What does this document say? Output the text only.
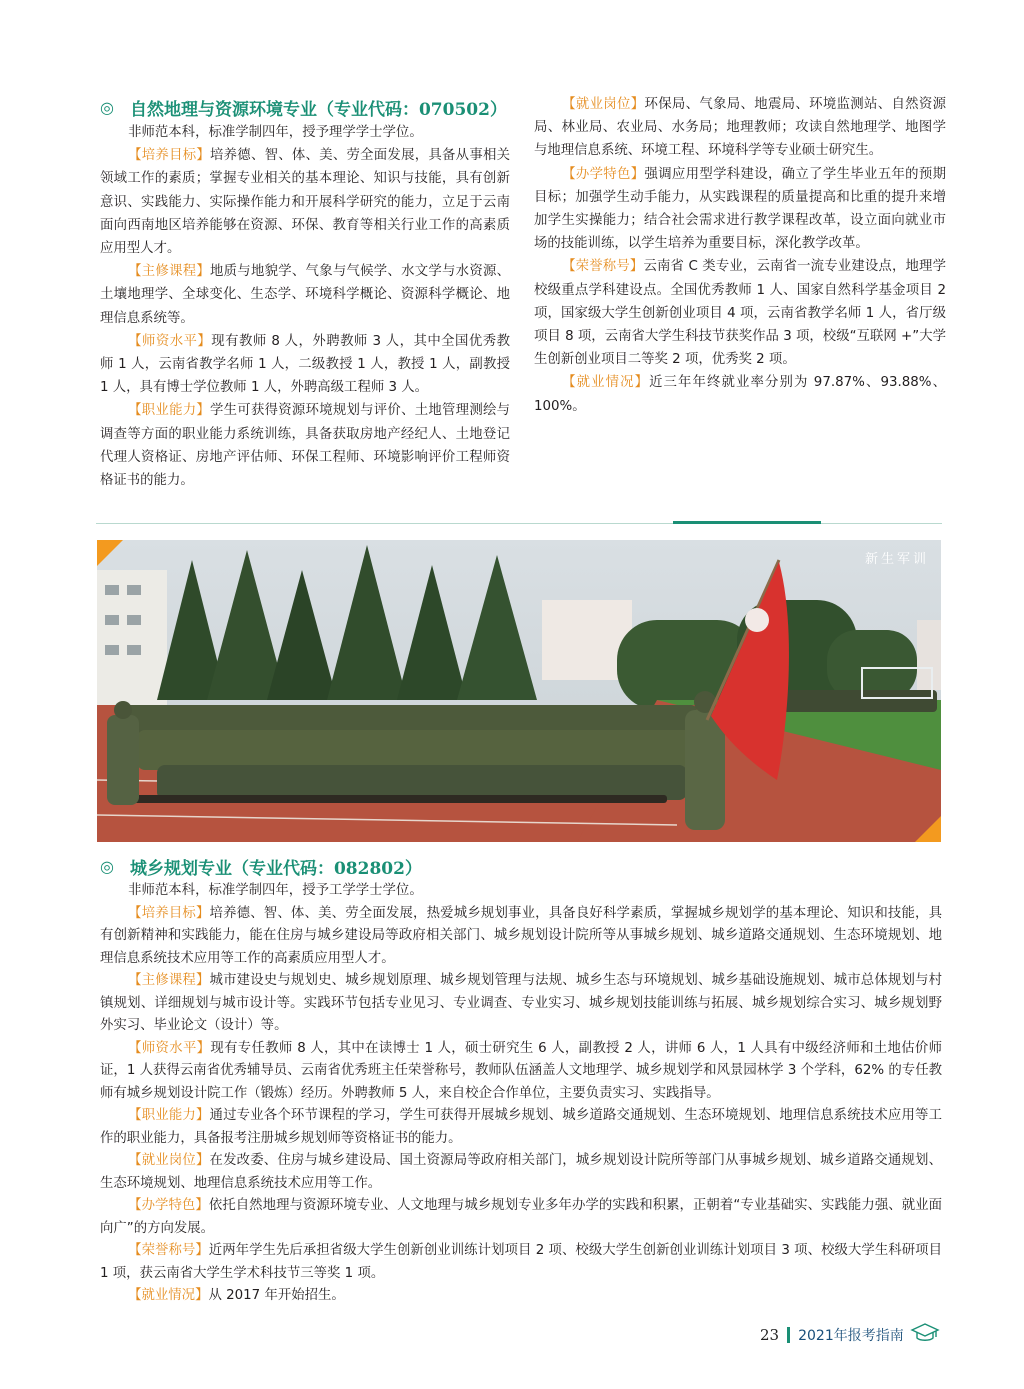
◎ 自然地理与资源环境专业（专业代码：070502）

非师范本科，标准学制四年，授予理学学士学位。

【培养目标】培养德、智、体、美、劳全面发展，具备从事相关领域工作的素质；掌握专业相关的基本理论、知识与技能，具有创新意识、实践能力、实际操作能力和开展科学研究的能力，立足于云南面向西南地区培养能够在资源、环保、教育等相关行业工作的高素质应用型人才。

【主修课程】地质与地貌学、气象与气候学、水文学与水资源、土壤地理学、全球变化、生态学、环境科学概论、资源科学概论、地理信息系统等。

【师资水平】现有教师 8 人，外聘教师 3 人，其中全国优秀教师 1 人，云南省教学名师 1 人，二级教授 1 人，教授 1 人，副教授 1 人，具有博士学位教师 1 人，外聘高级工程师 3 人。

【职业能力】学生可获得资源环境规划与评价、土地管理测绘与调查等方面的职业能力系统训练，具备获取房地产经纪人、土地登记代理人资格证、房地产评估师、环保工程师、环境影响评价工程师资格证书的能力。

【就业岗位】环保局、气象局、地震局、环境监测站、自然资源局、林业局、农业局、水务局；地理教师；攻读自然地理学、地图学与地理信息系统、环境工程、环境科学等专业硕士研究生。

【办学特色】强调应用型学科建设，确立了学生毕业五年的预期目标；加强学生动手能力，从实践课程的质量提高和比重的提升来增加学生实操能力；结合社会需求进行教学课程改革，设立面向就业市场的技能训练，以学生培养为重要目标，深化教学改革。

【荣誉称号】云南省 C 类专业，云南省一流专业建设点，地理学校级重点学科建设点。全国优秀教师 1 人、国家自然科学基金项目 2 项，国家级大学生创新创业项目 4 项，云南省教学名师 1 人，省厅级项目 8 项，云南省大学生科技节获奖作品 3 项，校级“互联网 +”大学生创新创业项目二等奖 2 项，优秀奖 2 项。

【就业情况】近三年年终就业率分别为 97.87%、93.88%、100%。

新生军训
◎ 城乡规划专业（专业代码：082802）

非师范本科，标准学制四年，授予工学学士学位。

【培养目标】培养德、智、体、美、劳全面发展，热爱城乡规划事业，具备良好科学素质，掌握城乡规划学的基本理论、知识和技能，具有创新精神和实践能力，能在住房与城乡建设局等政府相关部门、城乡规划设计院所等从事城乡规划、城乡道路交通规划、生态环境规划、地理信息系统技术应用等工作的高素质应用型人才。

【主修课程】城市建设史与规划史、城乡规划原理、城乡规划管理与法规、城乡生态与环境规划、城乡基础设施规划、城市总体规划与村镇规划、详细规划与城市设计等。实践环节包括专业见习、专业调查、专业实习、城乡规划技能训练与拓展、城乡规划综合实习、城乡规划野外实习、毕业论文（设计）等。

【师资水平】现有专任教师 8 人，其中在读博士 1 人，硕士研究生 6 人，副教授 2 人，讲师 6 人，1 人具有中级经济师和土地估价师证，1 人获得云南省优秀辅导员、云南省优秀班主任荣誉称号，教师队伍涵盖人文地理学、城乡规划学和风景园林学 3 个学科，62% 的专任教师有城乡规划设计院工作（锻炼）经历。外聘教师 5 人，来自校企合作单位，主要负责实习、实践指导。

【职业能力】通过专业各个环节课程的学习，学生可获得开展城乡规划、城乡道路交通规划、生态环境规划、地理信息系统技术应用等工作的职业能力，具备报考注册城乡规划师等资格证书的能力。

【就业岗位】在发改委、住房与城乡建设局、国土资源局等政府相关部门，城乡规划设计院所等部门从事城乡规划、城乡道路交通规划、生态环境规划、地理信息系统技术应用等工作。

【办学特色】依托自然地理与资源环境专业、人文地理与城乡规划专业多年办学的实践和积累，正朝着“专业基础实、实践能力强、就业面向广”的方向发展。

【荣誉称号】近两年学生先后承担省级大学生创新创业训练计划项目 2 项、校级大学生创新创业训练计划项目 3 项、校级大学生科研项目 1 项，获云南省大学生学术科技节三等奖 1 项。

【就业情况】从 2017 年开始招生。

23 2021年报考指南
